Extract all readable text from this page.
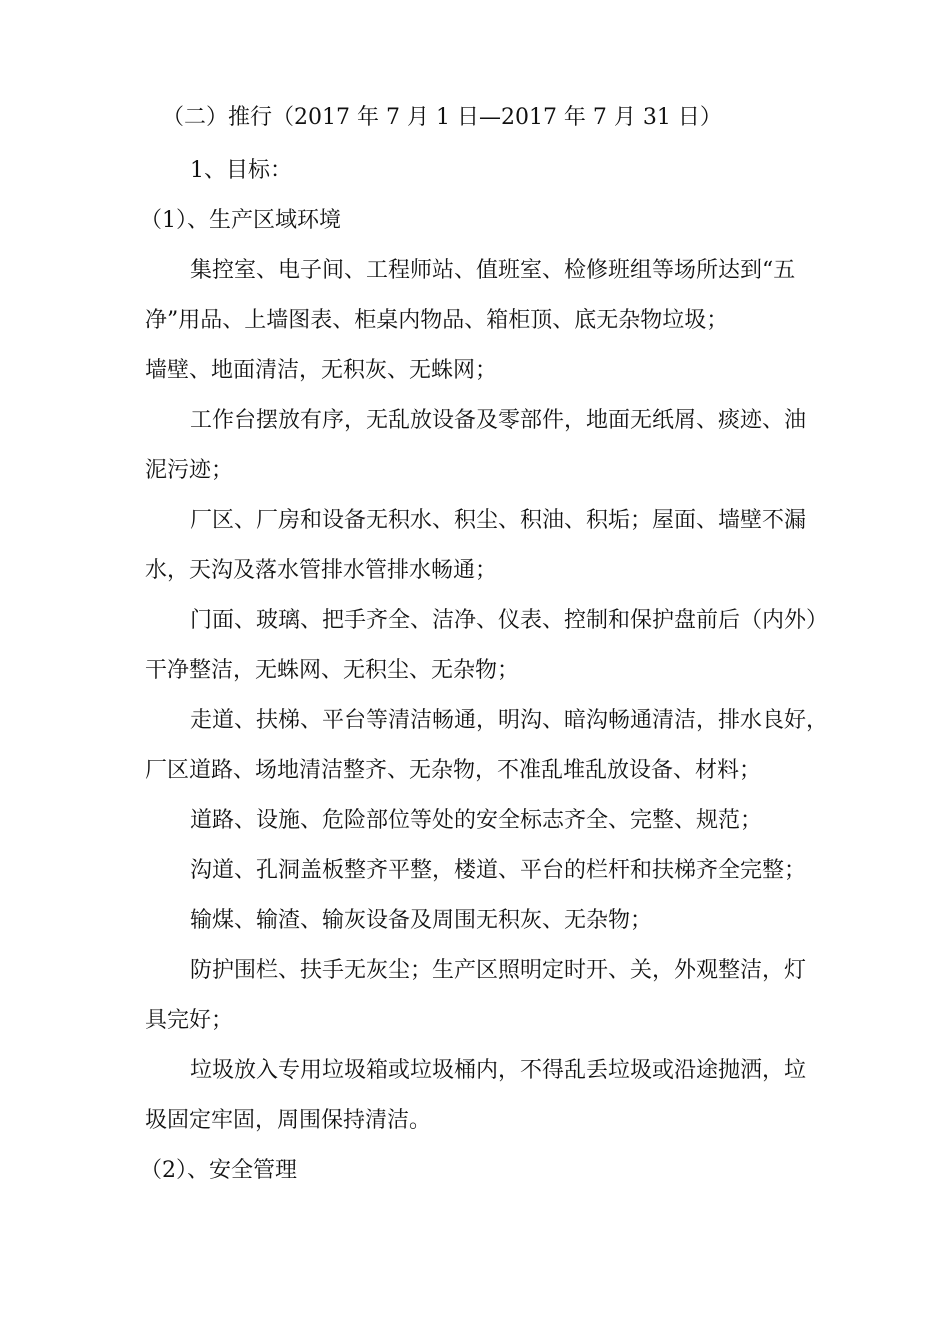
（二）推行（2017 年 7 月 1 日—2017 年 7 月 31 日）
1、目标：
（1）、生产区域环境
集控室、电子间、工程师站、值班室、检修班组等场所达到“五
净”用品、上墙图表、柜桌内物品、箱柜顶、底无杂物垃圾；
墙壁、地面清洁，无积灰、无蛛网；
工作台摆放有序，无乱放设备及零部件，地面无纸屑、痰迹、油
泥污迹；
厂区、厂房和设备无积水、积尘、积油、积垢；屋面、墙壁不漏
水，天沟及落水管排水管排水畅通；
门面、玻璃、把手齐全、洁净、仪表、控制和保护盘前后（内外）
干净整洁，无蛛网、无积尘、无杂物；
走道、扶梯、平台等清洁畅通，明沟、暗沟畅通清洁，排水良好，
厂区道路、场地清洁整齐、无杂物，不准乱堆乱放设备、材料；
道路、设施、危险部位等处的安全标志齐全、完整、规范；
沟道、孔洞盖板整齐平整，楼道、平台的栏杆和扶梯齐全完整；
输煤、输渣、输灰设备及周围无积灰、无杂物；
防护围栏、扶手无灰尘；生产区照明定时开、关，外观整洁，灯
具完好；
垃圾放入专用垃圾箱或垃圾桶内，不得乱丢垃圾或沿途抛洒，垃
圾固定牢固，周围保持清洁。
（2）、安全管理
